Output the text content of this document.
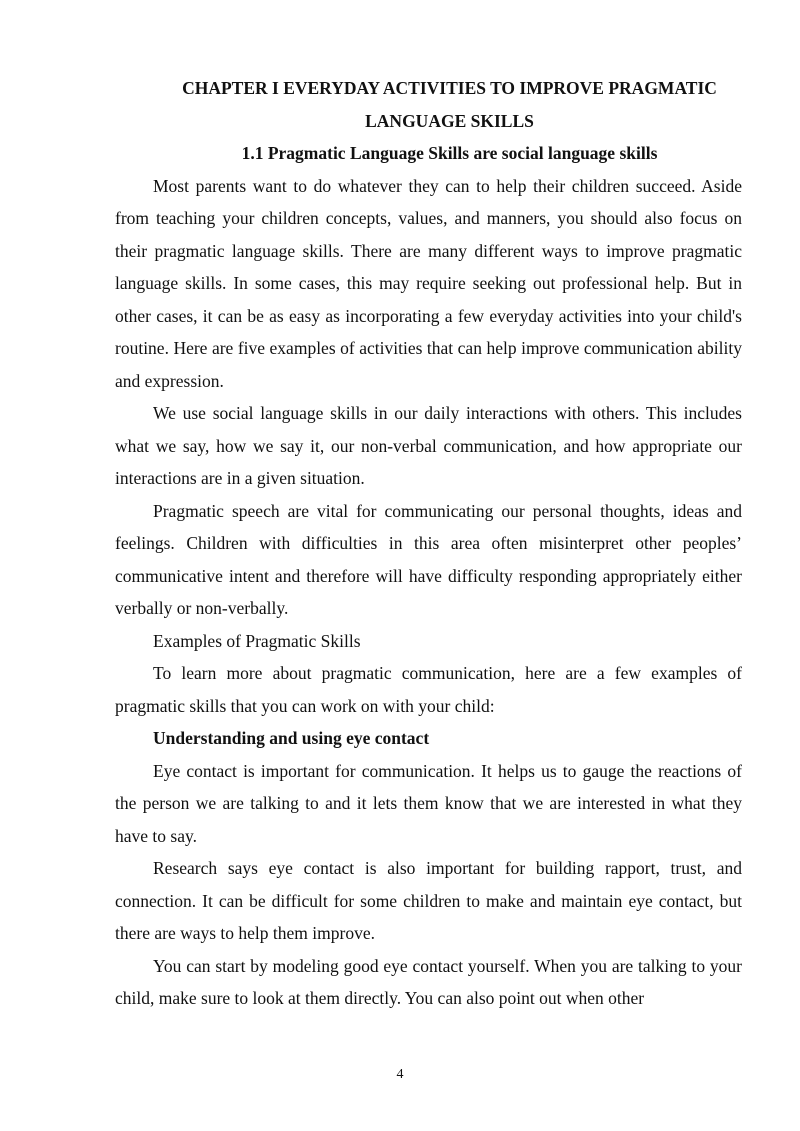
CHAPTER I EVERYDAY ACTIVITIES TO IMPROVE PRAGMATIC LANGUAGE SKILLS
1.1 Pragmatic Language Skills are social language skills

Most parents want to do whatever they can to help their children succeed. Aside from teaching your children concepts, values, and manners, you should also focus on their pragmatic language skills. There are many different ways to improve pragmatic language skills. In some cases, this may require seeking out professional help. But in other cases, it can be as easy as incorporating a few everyday activities into your child's routine. Here are five examples of activities that can help improve communication ability and expression.

We use social language skills in our daily interactions with others. This includes what we say, how we say it, our non-verbal communication, and how appropriate our interactions are in a given situation.

Pragmatic speech are vital for communicating our personal thoughts, ideas and feelings. Children with difficulties in this area often misinterpret other peoples’ communicative intent and therefore will have difficulty responding appropriately either verbally or non-verbally.

Examples of Pragmatic Skills

To learn more about pragmatic communication, here are a few examples of pragmatic skills that you can work on with your child:

Understanding and using eye contact

Eye contact is important for communication. It helps us to gauge the reactions of the person we are talking to and it lets them know that we are interested in what they have to say.

Research says eye contact is also important for building rapport, trust, and connection. It can be difficult for some children to make and maintain eye contact, but there are ways to help them improve.

You can start by modeling good eye contact yourself. When you are talking to your child, make sure to look at them directly. You can also point out when other

4
